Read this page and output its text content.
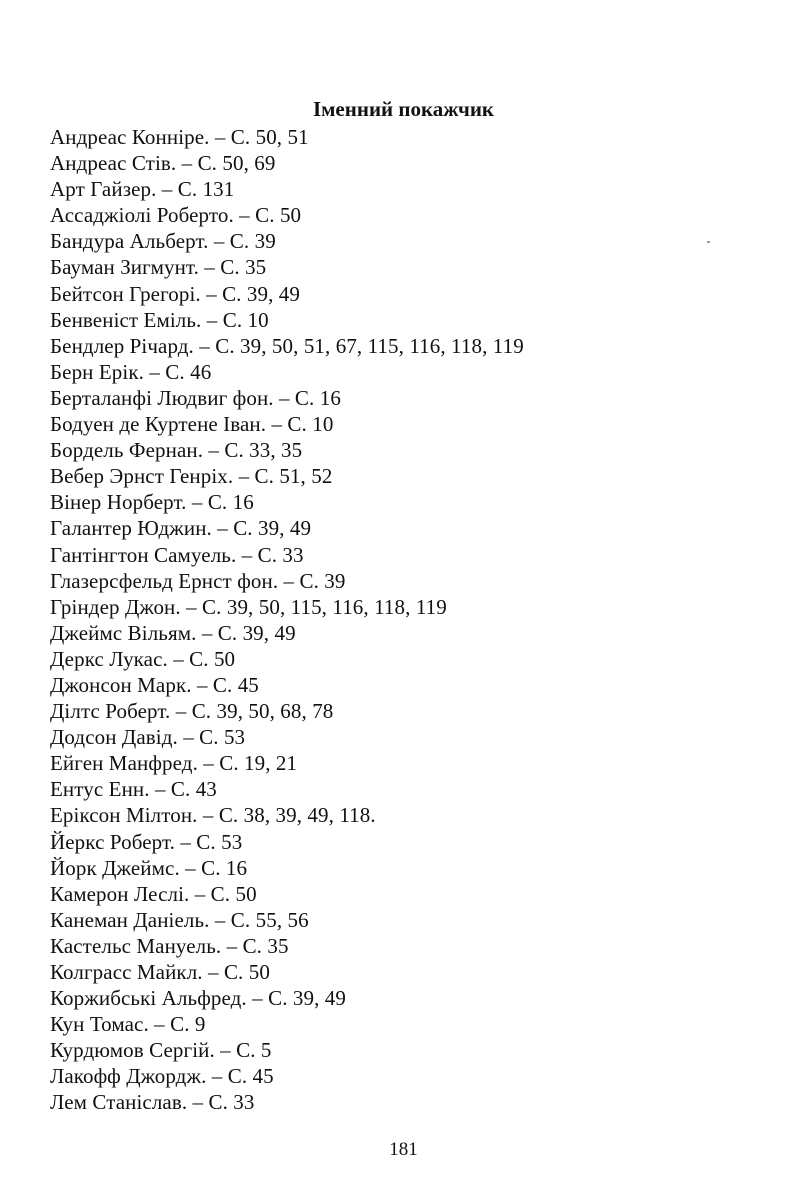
Іменний покажчик
Андреас Конніре. – С. 50, 51
Андреас Стів. – С. 50, 69
Арт Гайзер. – С. 131
Ассаджіолі Роберто. – С. 50
Бандура Альберт. – С. 39
Бауман Зигмунт. – С. 35
Бейтсон Грегорі. – С. 39, 49
Бенвеніст Еміль. – С. 10
Бендлер Річард. – С. 39, 50, 51, 67, 115, 116, 118, 119
Берн Ерік. – С. 46
Берталанфі Людвиг фон. – С. 16
Бодуен де Куртене Іван. – С. 10
Бордель Фернан. – С. 33, 35
Вебер Эрнст Генріх. – С. 51, 52
Вінер Норберт. – С. 16
Галантер Юджин. – С. 39, 49
Гантінгтон Самуель. – С. 33
Глазерсфельд Ернст фон. – С. 39
Гріндер Джон. – С. 39, 50, 115, 116, 118, 119
Джеймс Вільям. – С. 39, 49
Деркс Лукас. – С. 50
Джонсон Марк. – С. 45
Ділтс Роберт. – С. 39, 50, 68, 78
Додсон Давід. – С. 53
Ейген Манфред. – С. 19, 21
Ентус Енн. – С. 43
Еріксон Мілтон. – С. 38, 39, 49, 118.
Йеркс Роберт. – С. 53
Йорк Джеймс. – С. 16
Камерон Леслі. – С. 50
Канеман Даніель. – С. 55, 56
Кастельс Мануель. – С. 35
Колграсс Майкл. – С. 50
Коржибські Альфред. – С. 39, 49
Кун Томас. – С. 9
Курдюмов Сергій. – С. 5
Лакофф Джордж. – С. 45
Лем Станіслав. – С. 33
181
